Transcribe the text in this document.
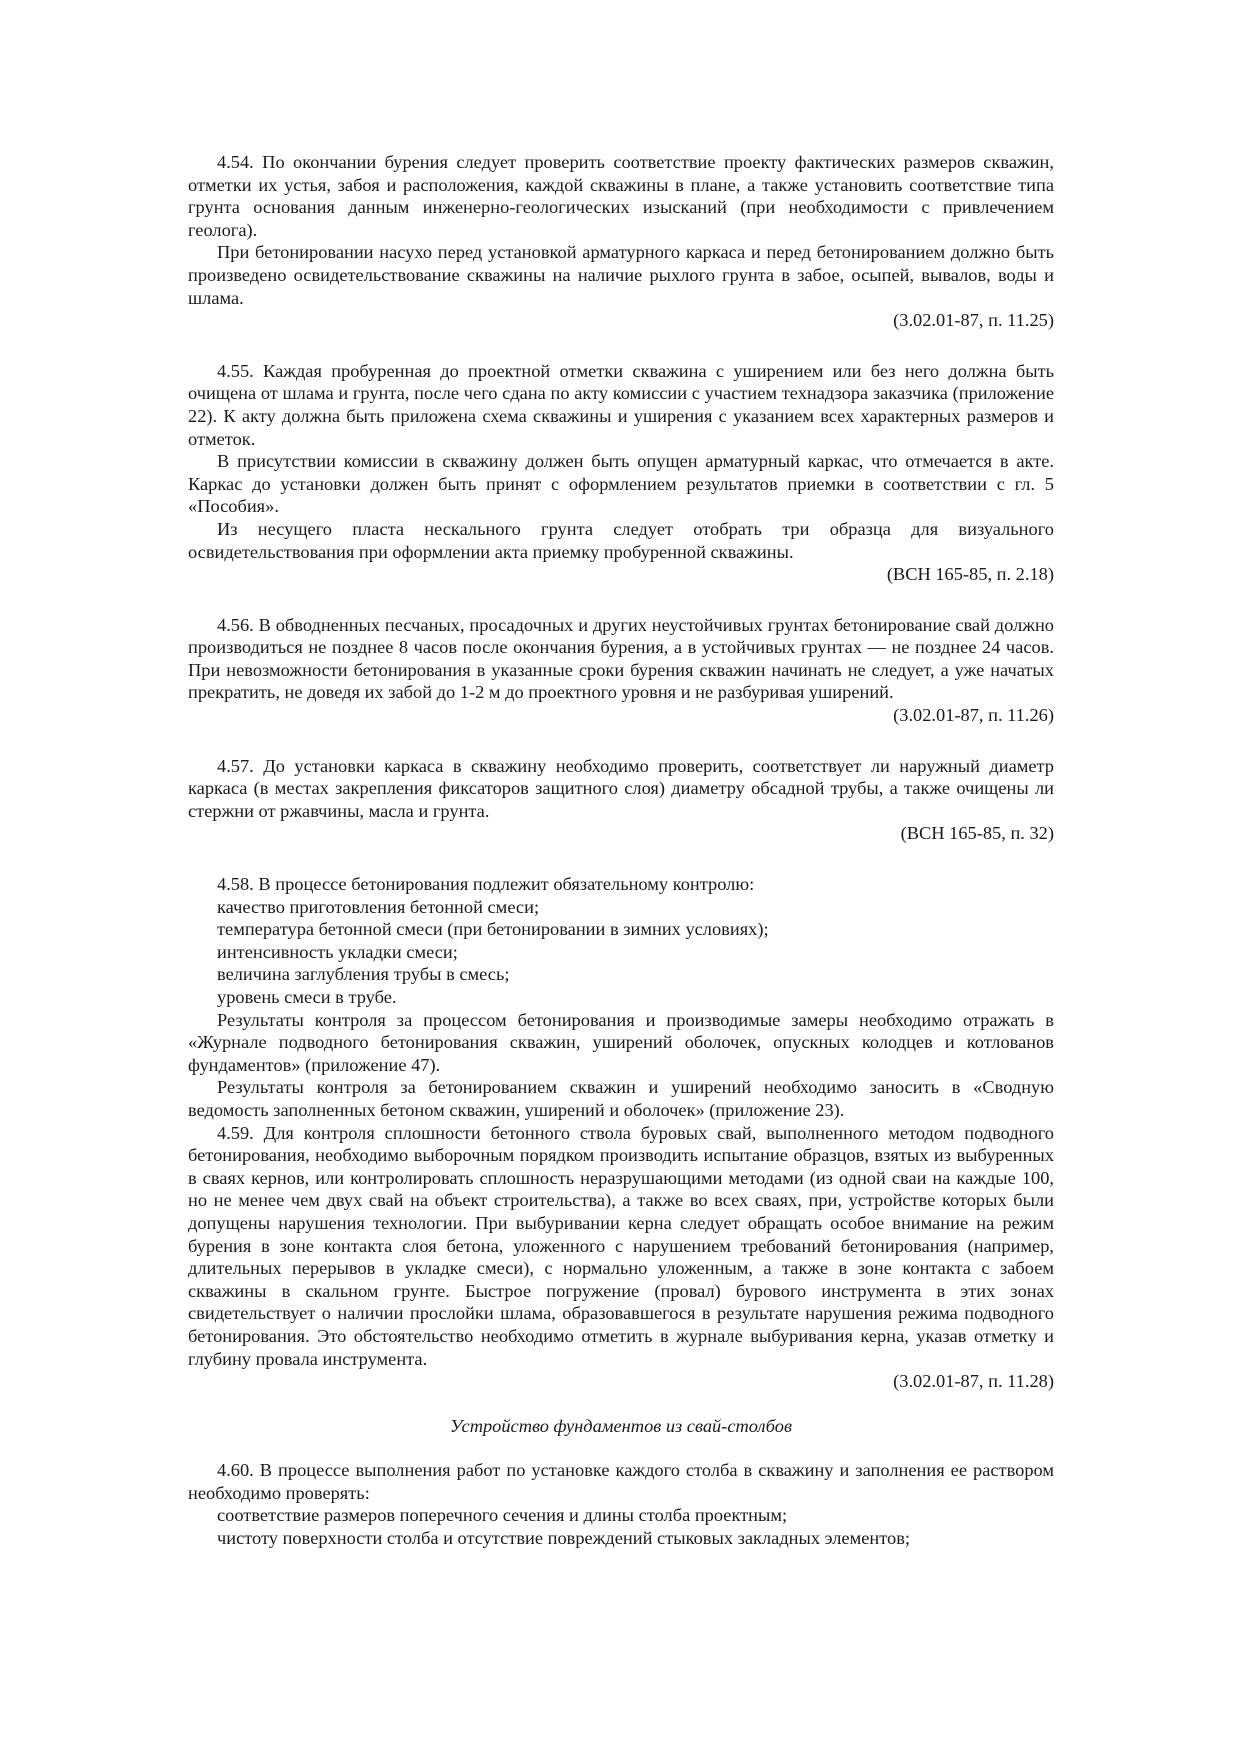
4.54. По окончании бурения следует проверить соответствие проекту фактических размеров скважин, отметки их устья, забоя и расположения, каждой скважины в плане, а также установить соответствие типа грунта основания данным инженерно-геологических изысканий (при необходимости с привлечением геолога).

При бетонировании насухо перед установкой арматурного каркаса и перед бетонированием должно быть произведено освидетельствование скважины на наличие рыхлого грунта в забое, осыпей, вывалов, воды и шлама.

(3.02.01-87, п. 11.25)

4.55. Каждая пробуренная до проектной отметки скважина с уширением или без него должна быть очищена от шлама и грунта, после чего сдана по акту комиссии с участием технадзора заказчика (приложение 22). К акту должна быть приложена схема скважины и уширения с указанием всех характерных размеров и отметок.

В присутствии комиссии в скважину должен быть опущен арматурный каркас, что отмечается в акте. Каркас до установки должен быть принят с оформлением результатов приемки в соответствии с гл. 5 «Пособия».

Из несущего пласта нескального грунта следует отобрать три образца для визуального освидетельствования при оформлении акта приемку пробуренной скважины.

(ВСН 165-85, п. 2.18)

4.56. В обводненных песчаных, просадочных и других неустойчивых грунтах бетонирование свай должно производиться не позднее 8 часов после окончания бурения, а в устойчивых грунтах — не позднее 24 часов. При невозможности бетонирования в указанные сроки бурения скважин начинать не следует, а уже начатых прекратить, не доведя их забой до 1-2 м до проектного уровня и не разбуривая уширений.

(3.02.01-87, п. 11.26)

4.57. До установки каркаса в скважину необходимо проверить, соответствует ли наружный диаметр каркаса (в местах закрепления фиксаторов защитного слоя) диаметру обсадной трубы, а также очищены ли стержни от ржавчины, масла и грунта.

(ВСН 165-85, п. 32)

4.58. В процессе бетонирования подлежит обязательному контролю:

качество приготовления бетонной смеси;

температура бетонной смеси (при бетонировании в зимних условиях);

интенсивность укладки смеси;

величина заглубления трубы в смесь;

уровень смеси в трубе.

Результаты контроля за процессом бетонирования и производимые замеры необходимо отражать в «Журнале подводного бетонирования скважин, уширений оболочек, опускных колодцев и котлованов фундаментов» (приложение 47).

Результаты контроля за бетонированием скважин и уширений необходимо заносить в «Сводную ведомость заполненных бетоном скважин, уширений и оболочек» (приложение 23).

4.59. Для контроля сплошности бетонного ствола буровых свай, выполненного методом подводного бетонирования, необходимо выборочным порядком производить испытание образцов, взятых из выбуренных в сваях кернов, или контролировать сплошность неразрушающими методами (из одной сваи на каждые 100, но не менее чем двух свай на объект строительства), а также во всех сваях, при, устройстве которых были допущены нарушения технологии. При выбуривании керна следует обращать особое внимание на режим бурения в зоне контакта слоя бетона, уложенного с нарушением требований бетонирования (например, длительных перерывов в укладке смеси), с нормально уложенным, а также в зоне контакта с забоем скважины в скальном грунте. Быстрое погружение (провал) бурового инструмента в этих зонах свидетельствует о наличии прослойки шлама, образовавшегося в результате нарушения режима подводного бетонирования. Это обстоятельство необходимо отметить в журнале выбуривания керна, указав отметку и глубину провала инструмента.

(3.02.01-87, п. 11.28)

Устройство фундаментов из свай-столбов

4.60. В процессе выполнения работ по установке каждого столба в скважину и заполнения ее раствором необходимо проверять:

соответствие размеров поперечного сечения и длины столба проектным;

чистоту поверхности столба и отсутствие повреждений стыковых закладных элементов;
